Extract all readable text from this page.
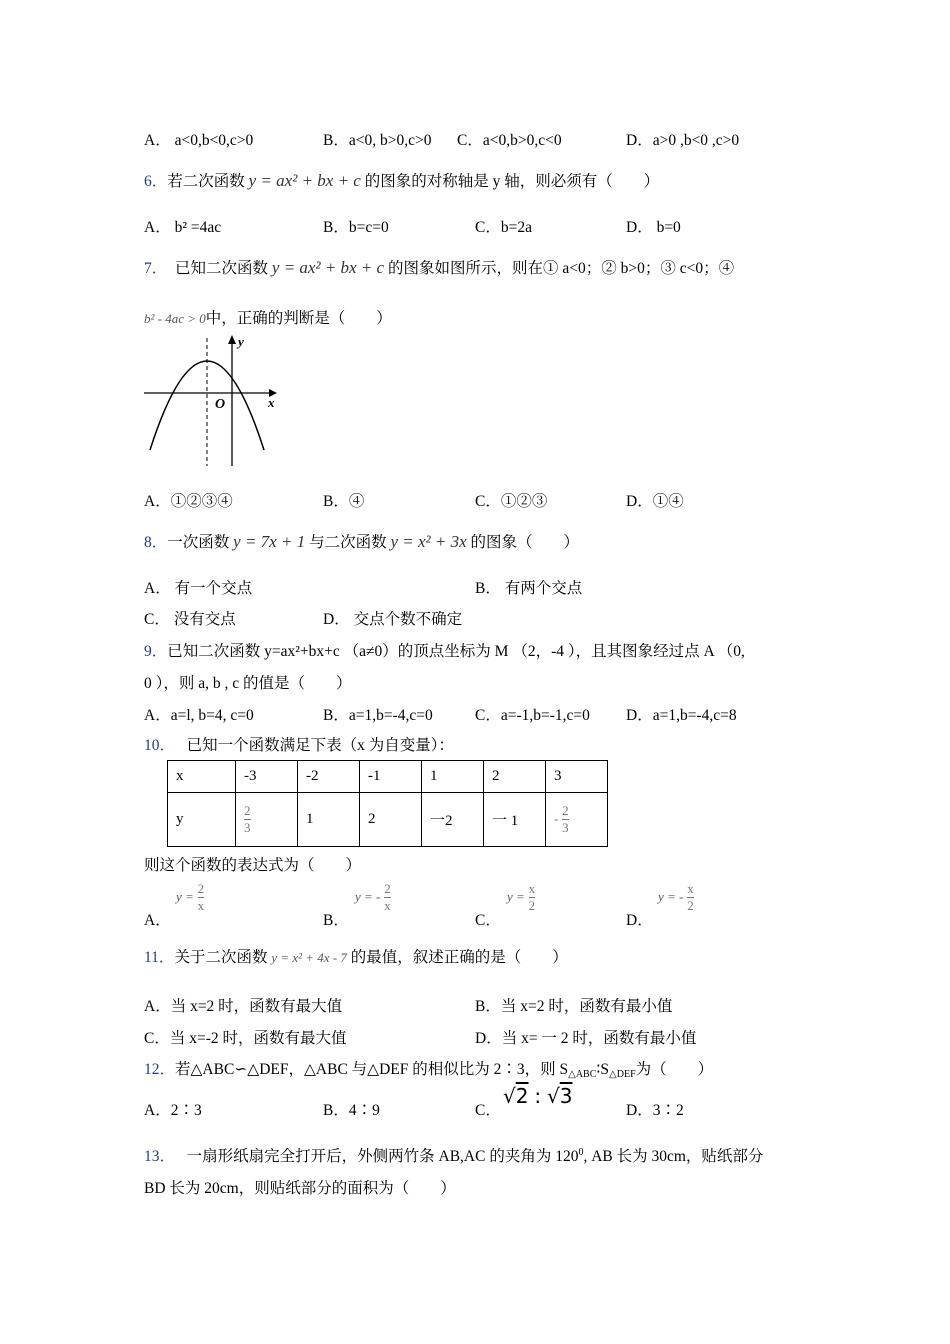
A． a<0,b<0,c>0	B．a<0, b>0,c>0 C．a<0,b>0,c<0	D．a>0 ,b<0 ,c>0
6．若二次函数 y = ax² + bx + c 的图象的对称轴是 y 轴，则必须有（　　）
A． b² =4ac	B．b=c=0	C．b=2a	D． b=0
7． 已知二次函数 y = ax² + bx + c 的图象如图所示，则在① a<0；② b>0；③ c<0；④
b² - 4ac > 0中，正确的判断是（　　）
y
x
O
A．①②③④	B．④	C．①②③	D．①④
8．一次函数 y = 7x + 1 与二次函数 y = x² + 3x 的图象（　　）
A． 有一个交点	B． 有两个交点
C． 没有交点	D． 交点个数不确定
9．已知二次函数 y=ax²+bx+c （a≠0）的顶点坐标为 M （2，-4 ），且其图象经过点 A （0,
0 ），则 a, b , c 的值是（　　）
A．a=l, b=4, c=0	B．a=1,b=-4,c=0	C．a=-1,b=-1,c=0 D．a=1,b=-4,c=8
10． 已知一个函数满足下表（x 为自变量）：
x	-3	-2	-1	1	2	3
y	$\frac{2}{3}$	1	2	一2	一 1	- $\frac{2}{3}$
则这个函数的表达式为（　　）
A．
$y = \frac{2}{x}$
B．
y = - $\frac{2}{x}$
C．
$y = \frac{x}{2}$
D．
y = - $\frac{x}{2}$
11．关于二次函数 y = x² + 4x - 7 的最值，叙述正确的是（　　）
A．当 x=2 时，函数有最大值	B．当 x=2 时，函数有最小值
C．当 x=-2 时，函数有最大值	D．当 x= 一 2 时，函数有最小值
12．若△ABC∽△DEF，△ABC 与△DEF 的相似比为 2∶3，则 $S_{\triangle ABC}∶S_{\triangle DEF}$为（　　）
A．2∶3	B．4∶9	C．
√2 : √3
D．3∶2
13． 一扇形纸扇完全打开后，外侧两竹条 AB,AC 的夹角为 $120^0$, AB 长为 30cm，贴纸部分
BD 长为 20cm，则贴纸部分的面积为（　　）
